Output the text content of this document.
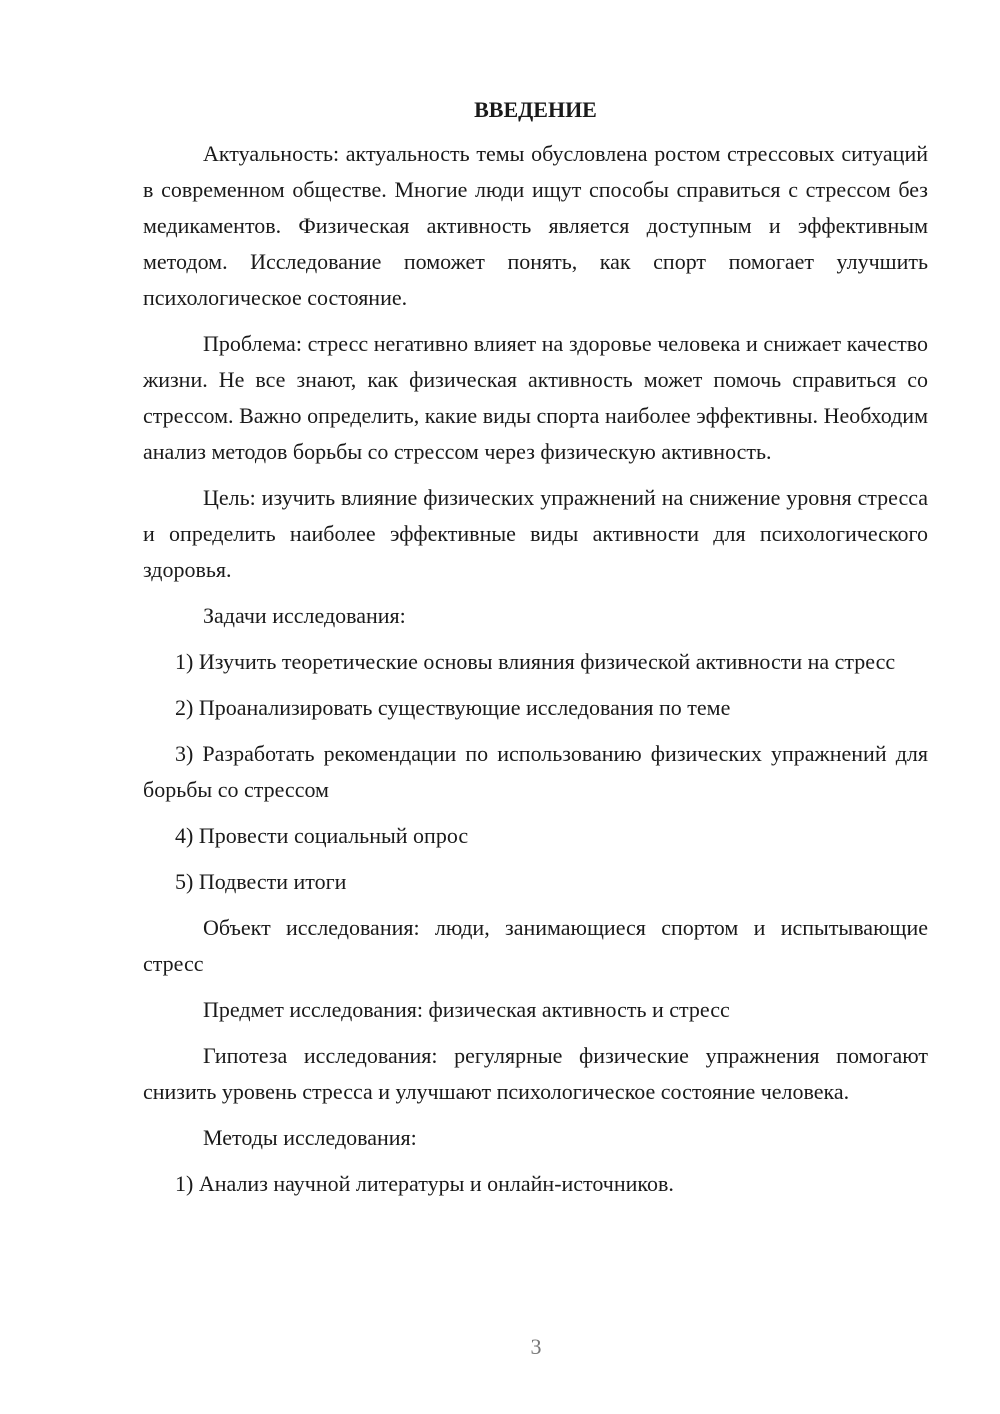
ВВЕДЕНИЕ

Актуальность: актуальность темы обусловлена ростом стрессовых ситуаций в современном обществе. Многие люди ищут способы справиться с стрессом без медикаментов. Физическая активность является доступным и эффективным методом. Исследование поможет понять, как спорт помогает улучшить психологическое состояние.

Проблема: стресс негативно влияет на здоровье человека и снижает качество жизни. Не все знают, как физическая активность может помочь справиться со стрессом. Важно определить, какие виды спорта наиболее эффективны. Необходим анализ методов борьбы со стрессом через физическую активность.

Цель: изучить влияние физических упражнений на снижение уровня стресса и определить наиболее эффективные виды активности для психологического здоровья.

Задачи исследования:

1) Изучить теоретические основы влияния физической активности на стресс

2) Проанализировать существующие исследования по теме

3) Разработать рекомендации по использованию физических упражнений для борьбы со стрессом

4) Провести социальный опрос

5) Подвести итоги

Объект исследования: люди, занимающиеся спортом и испытывающие стресс

Предмет исследования: физическая активность и стресс

Гипотеза исследования: регулярные физические упражнения помогают снизить уровень стресса и улучшают психологическое состояние человека.

Методы исследования:

1) Анализ научной литературы и онлайн-источников.

3
